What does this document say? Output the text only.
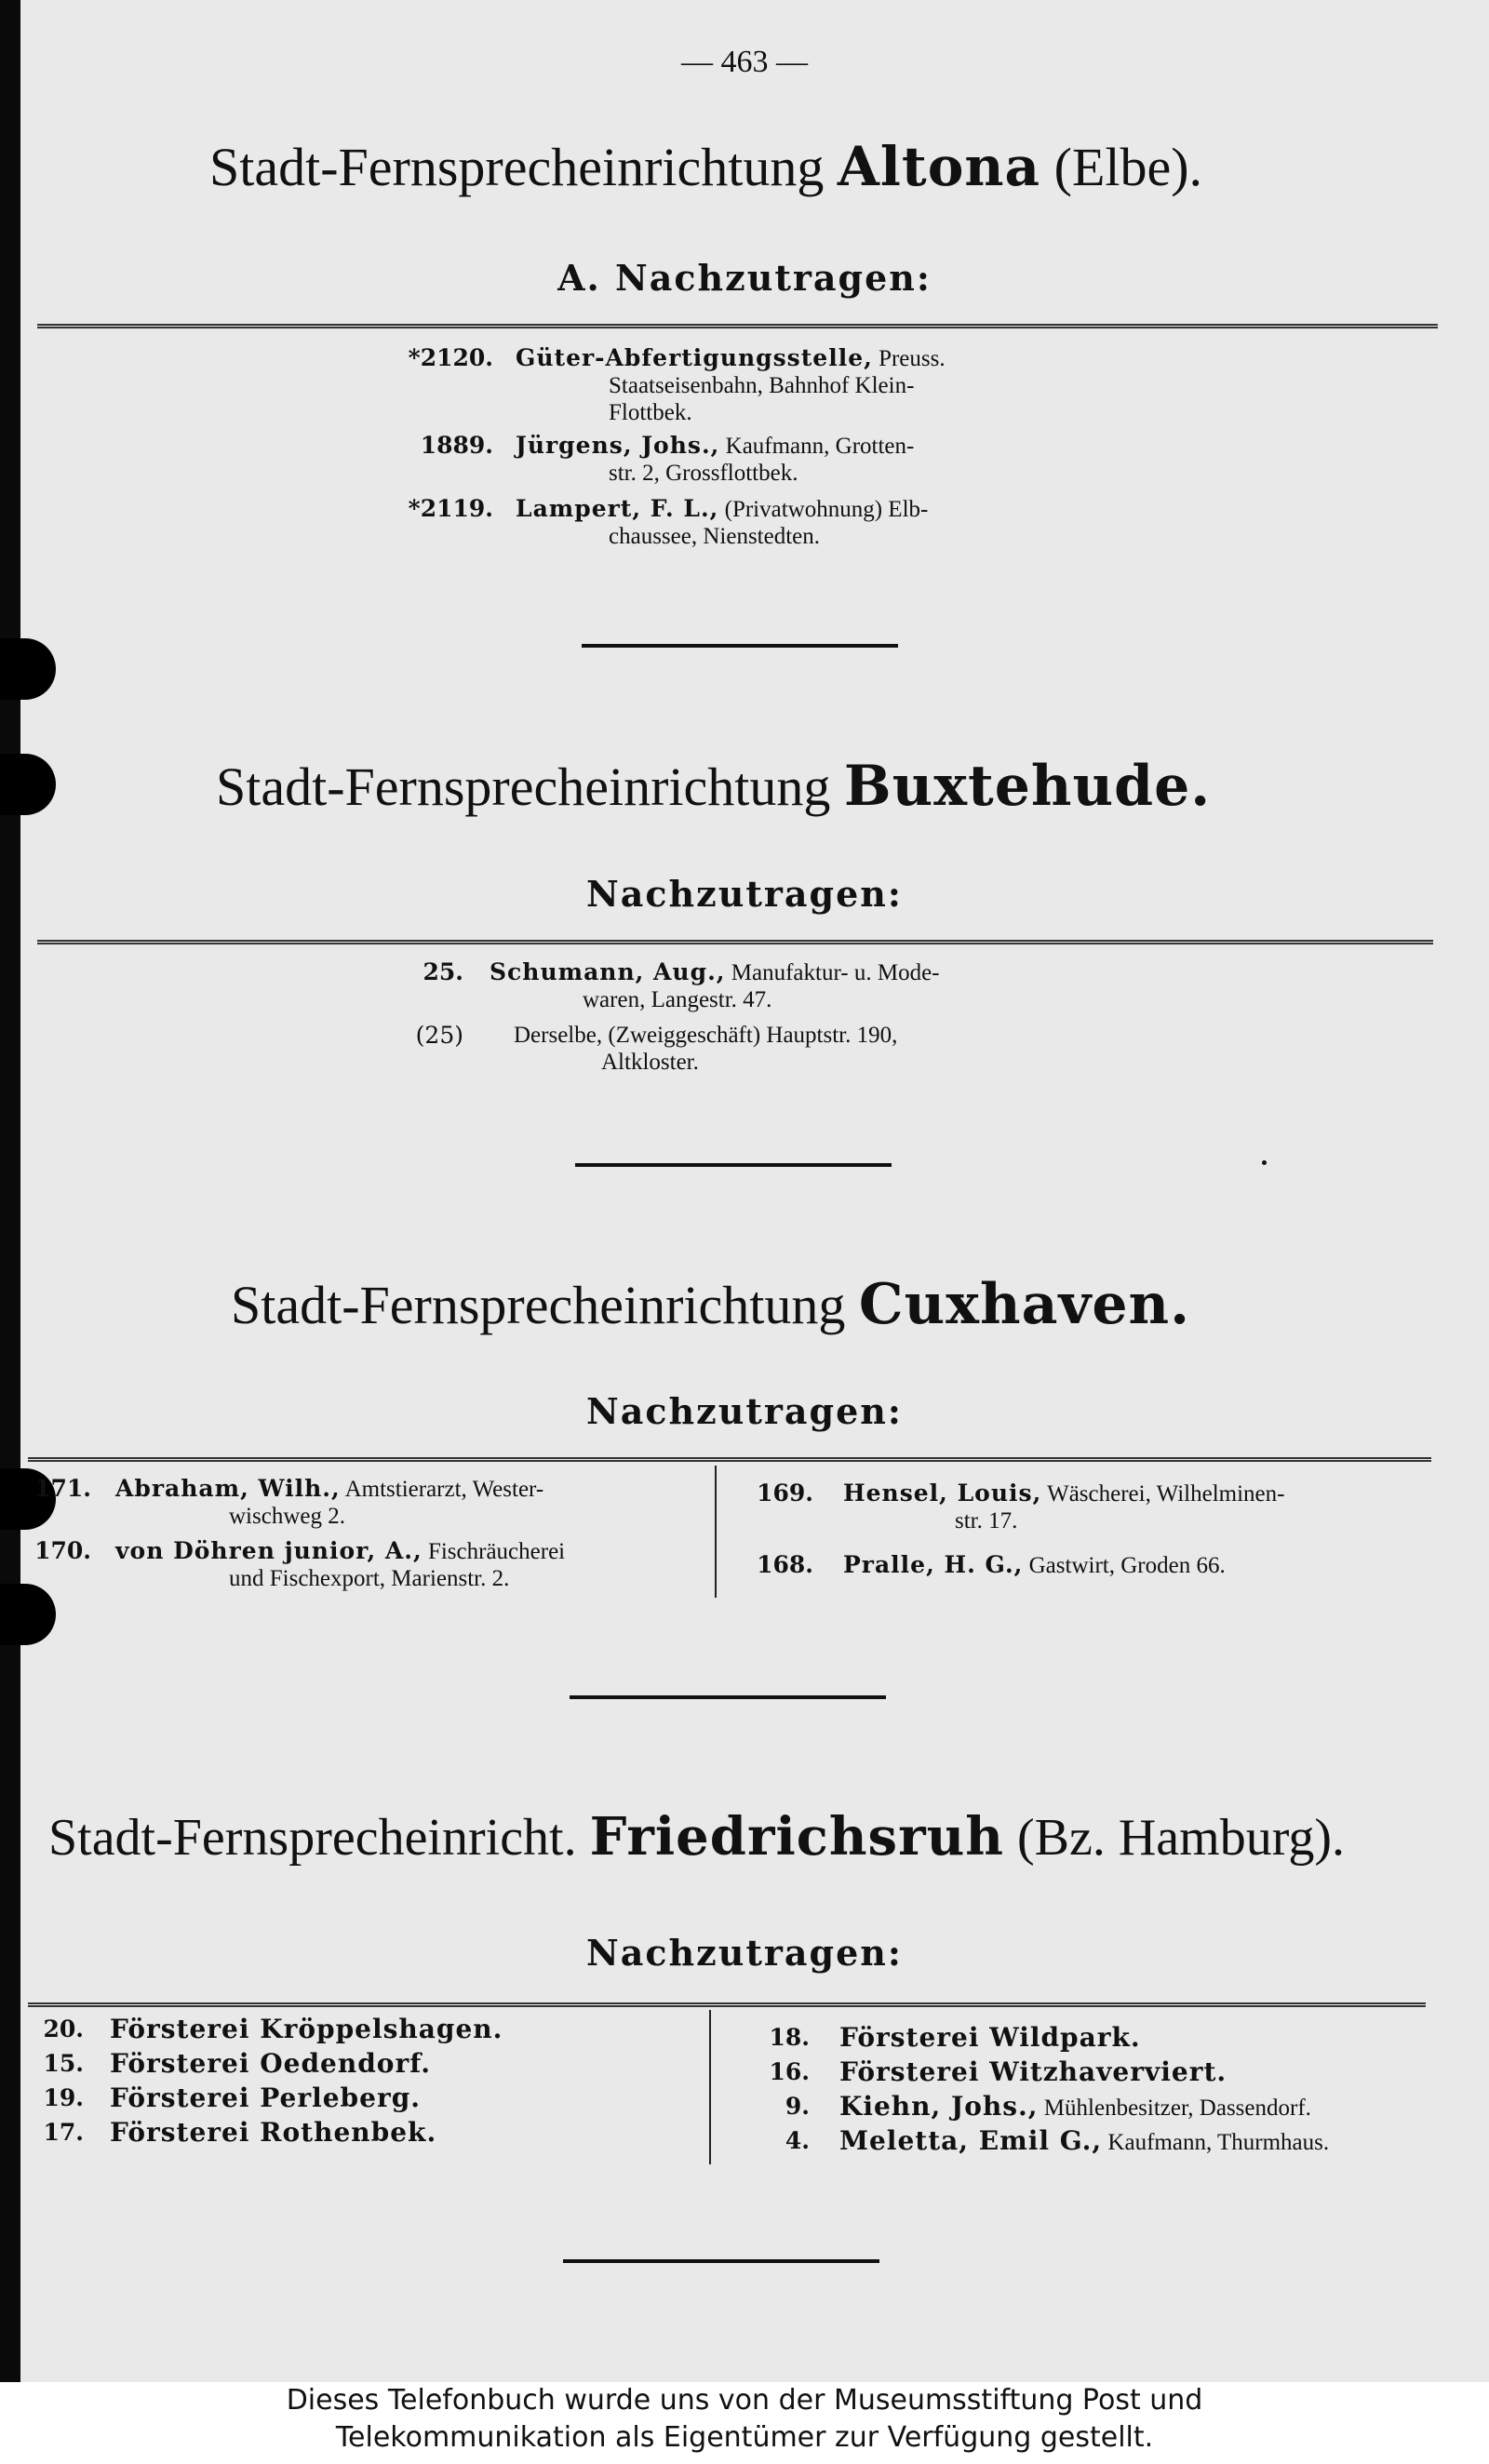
— 463 —
Stadt-Fernsprecheinrichtung Altona (Elbe).
A. Nachzutragen:
*2120. Güter-Abfertigungsstelle, Preuss.
Staatseisenbahn, Bahnhof Klein-
Flottbek.
1889. Jürgens, Johs., Kaufmann, Grotten-
str. 2, Grossflottbek.
*2119. Lampert, F. L., (Privatwohnung) Elb-
chaussee, Nienstedten.
Stadt-Fernsprecheinrichtung Buxtehude.
Nachzutragen:
25.	Schumann, Aug., Manufaktur- u. Mode-
waren, Langestr. 47.
(25)	Derselbe, (Zweiggeschäft) Hauptstr. 190,
Altkloster.
Stadt-Fernsprecheinrichtung Cuxhaven.
Nachzutragen:
171.	Abraham, Wilh., Amtstierarzt, Wester-
wischweg 2.
170.	von Döhren junior, A., Fischräucherei
und Fischexport, Marienstr. 2.
169.	Hensel, Louis, Wäscherei, Wilhelminen-
str. 17.
168.	Pralle, H. G., Gastwirt, Groden 66.
Stadt-Fernsprecheinricht. Friedrichsruh (Bz. Hamburg).
Nachzutragen:
20. Försterei Kröppelshagen.
15. Försterei Oedendorf.
19. Försterei Perleberg.
17. Försterei Rothenbek.
18. Försterei Wildpark.
16. Försterei Witzhaverviert.
9. Kiehn, Johs., Mühlenbesitzer, Dassendorf.
4. Meletta, Emil G., Kaufmann, Thurmhaus.
Dieses Telefonbuch wurde uns von der Museumsstiftung Post und
Telekommunikation als Eigentümer zur Verfügung gestellt.
